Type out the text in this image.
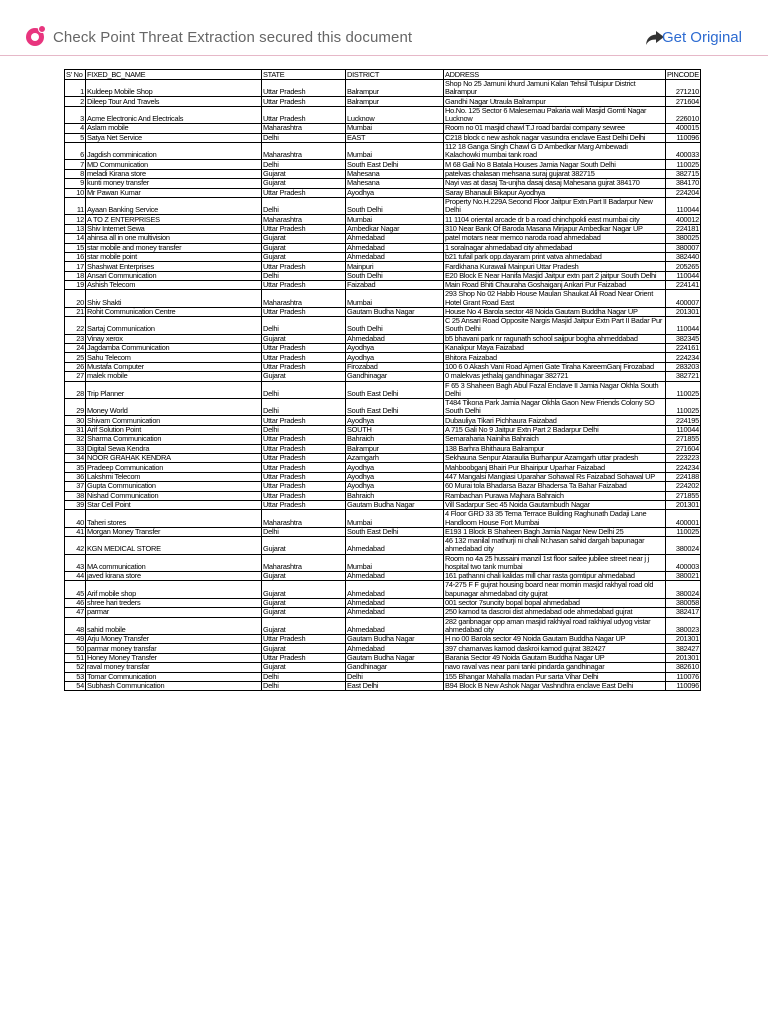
Check Point Threat Extraction secured this document	Get Original
S' No	FIXED_BC_NAME	STATE	DISTRICT	ADDRESS	PINCODE
1	Kuldeep Mobile Shop	Uttar Pradesh	Balrampur	Shop No 25 Jamuni khurd Jamuni Kalan Tehsil Tulsipur District Balrampur	271210
2	Dileep Tour And Travels	Uttar Pradesh	Balrampur	Gandhi Nagar Utraula Balrampur	271604
3	Acme Electronic And Electricals	Uttar Pradesh	Lucknow	Ho.No. 125 Sector 6 Malesemau Pakaria wali Masjid Gomti Nagar Lucknow	226010
4	Aslam mobile	Maharashtra	Mumbai	Room no 01 masjid chawl T.J road bardai company sewree	400015
5	Satya Net Service	Delhi	EAST	C218 block c new ashok nagar vasundra enclave East Delhi Delhi	110096
6	Jagdish comminication	Maharashtra	Mumbai	112 18 Ganga Singh Chawl G D Ambedkar Marg Ambewadi Kalachowki mumbai tank road	400033
7	MD Communication	Delhi	South East Delhi	M 68 Gali No 8 Batala Houses Jamia Nagar South Delhi	110025
8	meladi Kirana store	Gujarat	Mahesana	patelvas chalasan mehsana suraj gujarat 382715	382715
9	kunti money transfer	Gujarat	Mahesana	Nayi vas at dasaj Ta-unjha dasaj dasaj Mahesana gujrat 384170	384170
10	Mr Pawan Kumar	Uttar Pradesh	Ayodhya	Saray Bhanauli Bikapur Ayodhya	224204
11	Ayaan Banking Service	Delhi	South Delhi	Property No.H.229A Second Floor Jaitpur Extn.Part II Badarpur New Delhi	110044
12	A TO Z ENTERPRISES	Maharashtra	Mumbai	11 1104 oriental arcade dr b a road chinchpokli east mumbai city	400012
13	Shiv Internet Sewa	Uttar Pradesh	Ambedkar Nagar	310 Near Bank Of Baroda Masana Mirjapur Ambedkar Nagar UP	224181
14	ahinsa all in one multivision	Gujarat	Ahmedabad	patel motars near memco naroda road ahmedabad	380025
15	star mobile and money transfer	Gujarat	Ahmedabad	1 soralnagar ahmedabad city ahmedabad	380007
16	star mobile point	Gujarat	Ahmedabad	b21 tufail park opp.dayaram print vatva ahmedabad	382440
17	Shashwat Enterprises	Uttar Pradesh	Mainpuri	Fardkhana Kurawali Mainpuri Uttar Pradesh	205265
18	Ansari Communication	Delhi	South Delhi	E20 Block E Near Hanifa Masjid Jaitpur extn part 2 jaitpur South Delhi	110044
19	Ashish Telecom	Uttar Pradesh	Faizabad	Main Road Bhiti Chauraha Goshaiganj Ankari Pur Faizabad	224141
20	Shiv Shakti	Maharashtra	Mumbai	293 Shop No 02 Habib House Maulan Shaukat Ali Road Near Orient Hotel Grant Road East	400007
21	Rohit Communication Centre	Uttar Pradesh	Gautam Budha Nagar	House No 4 Barola sector 48 Noida Gautam Buddha Nagar UP	201301
22	Sartaj Communication	Delhi	South Delhi	C 25 Ansari Road Opposite Nargis Masjid Jaitpur Extn Part II Badar Pur South Delhi	110044
23	Vinay xerox	Gujarat	Ahmedabad	b5 bhavani park nr ragunath school saijpur bogha ahmeddabad	382345
24	Jagdamba Communication	Uttar Pradesh	Ayodhya	Kanakpur Maya Faizabad	224161
25	Sahu Telecom	Uttar Pradesh	Ayodhya	Bhitora Faizabad	224234
26	Mustafa Computer	Uttar Pradesh	Firozabad	100 6 0 Akash Vani Road Ajmeri Gate Tiraha KareemGanj Firozabad	283203
27	malek mobile	Gujarat	Gandhinagar	0 malekvas jethalaj gandhinagar 382721	382721
28	Trip Planner	Delhi	South East Delhi	F 65 3 Shaheen Bagh Abul Fazal Enclave II Jamia Nagar Okhla South Delhi	110025
29	Money World	Delhi	South East Delhi	T484 Tikona Park Jamia Nagar Okhla Gaon New Friends Colony SO South Delhi	110025
30	Shivam Communication	Uttar Pradesh	Ayodhya	Dubauliya Tikari Pichhaura Faizabad	224195
31	Arif Solution Point	Delhi	SOUTH	A 715 Gali No 9 Jaitpur Extn Part 2 Badarpur Delhi	110044
32	Sharma Communication	Uttar Pradesh	Bahraich	Semaraharia Nainiha Bahraich	271855
33	Digital Sewa Kendra	Uttar Pradesh	Balrampur	138 Barhra Bhithaura Balrampur	271604
34	NOOR GRAHAK KENDRA	Uttar Pradesh	Azamgarh	Sekhauna Senpur Ataraulia Burhanpur Azamgarh uttar pradesh	223223
35	Pradeep Communication	Uttar Pradesh	Ayodhya	Mahboobganj Bhairi Pur Bhairipur Uparhar Faizabad	224234
36	Lakshmi Telecom	Uttar Pradesh	Ayodhya	447 Mangalsi Mangiasi Uparahar Sohawal Rs Faizabad Sohawal UP	224188
37	Gupta Communication	Uttar Pradesh	Ayodhya	60 Murai tola Bhadarsa Bazar Bhadersa Ta Bahar Faizabad	224202
38	Nishad Communication	Uttar Pradesh	Bahraich	Rambachan Purawa Majhara Bahraich	271855
39	Star Cell Point	Uttar Pradesh	Gautam Budha Nagar	Vill Sadarpur Sec 45 Noida Gautambudh Nagar	201301
40	Taheri stores	Maharashtra	Mumbai	4 Floor GRD 33 35 Tema Terrace Building Raghunath Dadaji Lane Handloom House Fort Mumbai	400001
41	Morgan Money Transfer	Delhi	South East Delhi	E193 1 Block B Shaheen Bagh Jamia Nagar New Delhi 25	110025
42	KGN MEDICAL STORE	Gujarat	Ahmedabad	46 132 manilal mathurji ni chali Nr.hasan sahid dargah bapunagar ahmedabad city	380024
43	MA communication	Maharashtra	Mumbai	Room no 4a 25 hussaini manzil 1st floor saifee jubilee street near j j hospital two tank mumbai	400003
44	javed kirana store	Gujarat	Ahmedabad	161 pathanni chali kalidas mill char rasta gomtipur ahmedabad	380021
45	Arif mobile shop	Gujarat	Ahmedabad	74-275 F F gujrat housing board near momin masjid rakhyal road old bapunagar ahmedabad city gujrat	380024
46	shree hari treders	Gujarat	Ahmedabad	001 sector 7suncity bopal bopal ahmedabad	380058
47	parmar	Gujarat	Ahmedabad	250 kamod ta dascroi dist ahmedabad ode ahmedabad gujrat	382417
48	sahid mobile	Gujarat	Ahmedabad	282 garibnagar opp aman masjid rakhiyal road rakhiyal udyog vistar ahmedabad city	380023
49	Arju Money Transfer	Uttar Pradesh	Gautam Budha Nagar	H no 00 Barola sector 49 Noida Gautam Buddha Nagar UP	201301
50	parmar money transfar	Gujarat	Ahmedabad	397 chamarvas kamod daskroi kamod gujrat 382427	382427
51	Honey Money Transfer	Uttar Pradesh	Gautam Budha Nagar	Barania Sector 49 Noida Gautam Buddha Nagar UP	201301
52	raval money transfar	Gujarat	Gandhinagar	navo raval vas near pani tanki pindarda gandhinagar	382610
53	Tomar Communication	Delhi	Delhi	155 Bhangar Mahalla madan Pur sarta Vihar Delhi	110076
54	Subhash Communication	Delhi	East Delhi	B94 Block B New Ashok Nagar Vashndhra enclave East Delhi	110096
